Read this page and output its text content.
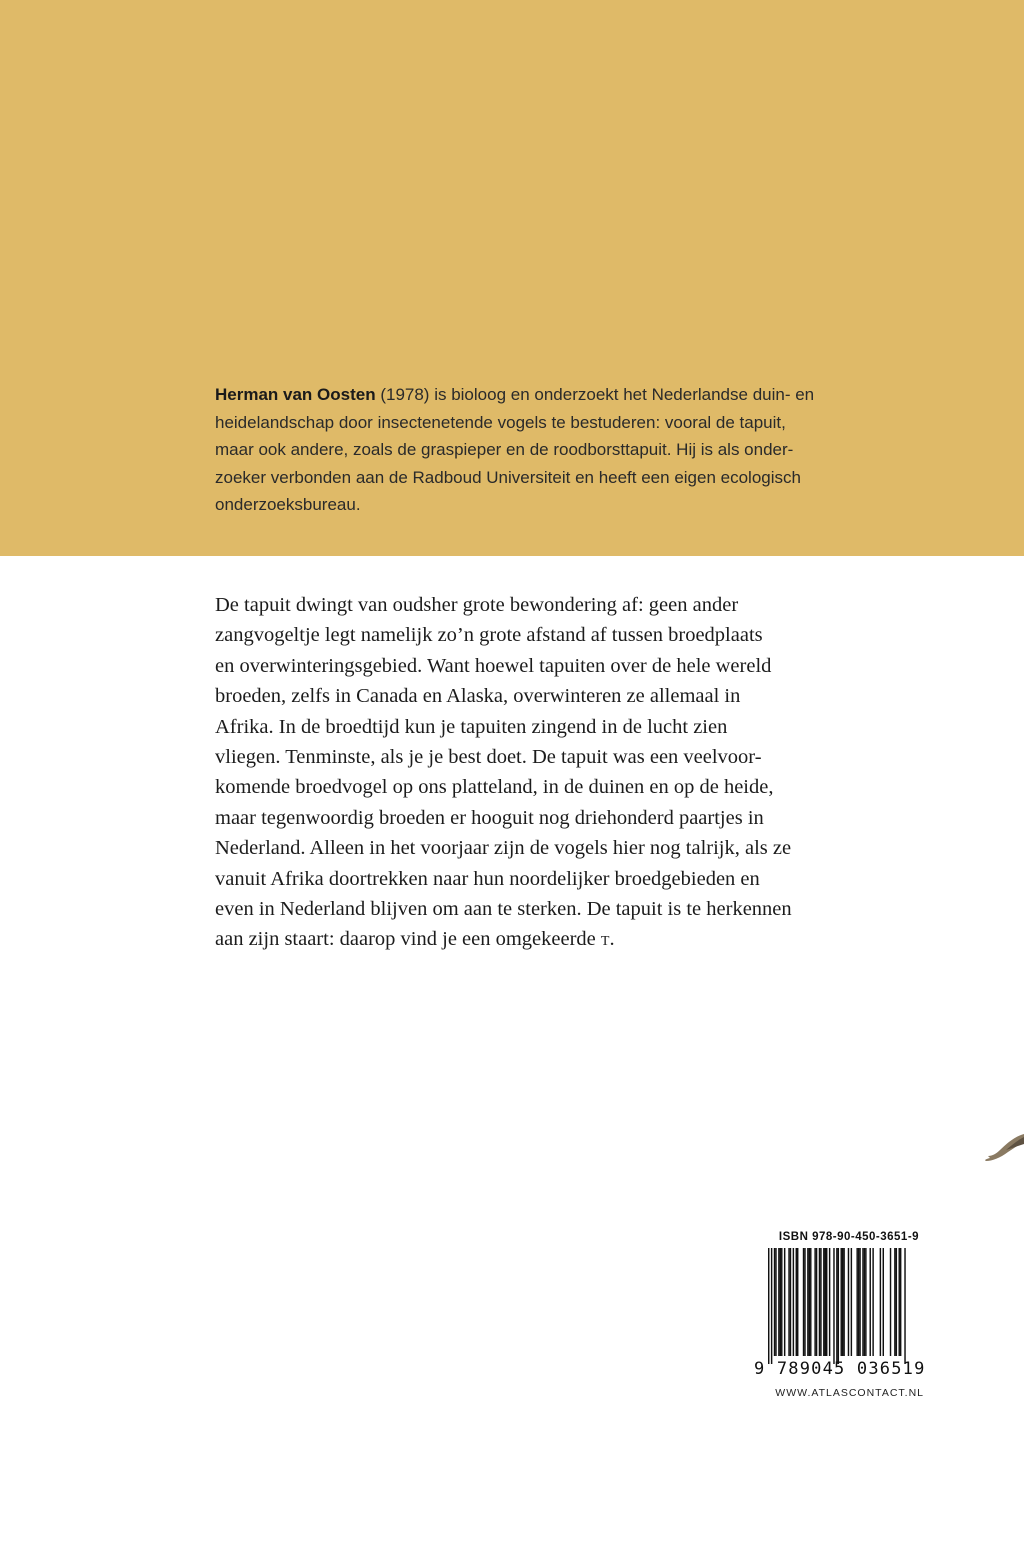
Herman van Oosten (1978) is bioloog en onderzoekt het Nederlandse duin- en
heidelandschap door insectenetende vogels te bestuderen: vooral de tapuit,
maar ook andere, zoals de graspieper en de roodborsttapuit. Hij is als onder-
zoeker verbonden aan de Radboud Universiteit en heeft een eigen ecologisch
onderzoeksbureau.
De tapuit dwingt van oudsher grote bewondering af: geen ander
zangvogeltje legt namelijk zo’n grote afstand af tussen broedplaats
en overwinteringsgebied. Want hoewel tapuiten over de hele wereld
broeden, zelfs in Canada en Alaska, overwinteren ze allemaal in
Afrika. In de broedtijd kun je tapuiten zingend in de lucht zien
vliegen. Tenminste, als je je best doet. De tapuit was een veelvoor-
komende broedvogel op ons platteland, in de duinen en op de heide,
maar tegenwoordig broeden er hooguit nog driehonderd paartjes in
Nederland. Alleen in het voorjaar zijn de vogels hier nog talrijk, als ze
vanuit Afrika doortrekken naar hun noordelijker broedgebieden en
even in Nederland blijven om aan te sterken. De tapuit is te herkennen
aan zijn staart: daarop vind je een omgekeerde T.
ISBN 978-90-450-3651-9
9 789045 036519
WWW.ATLASCONTACT.NL
